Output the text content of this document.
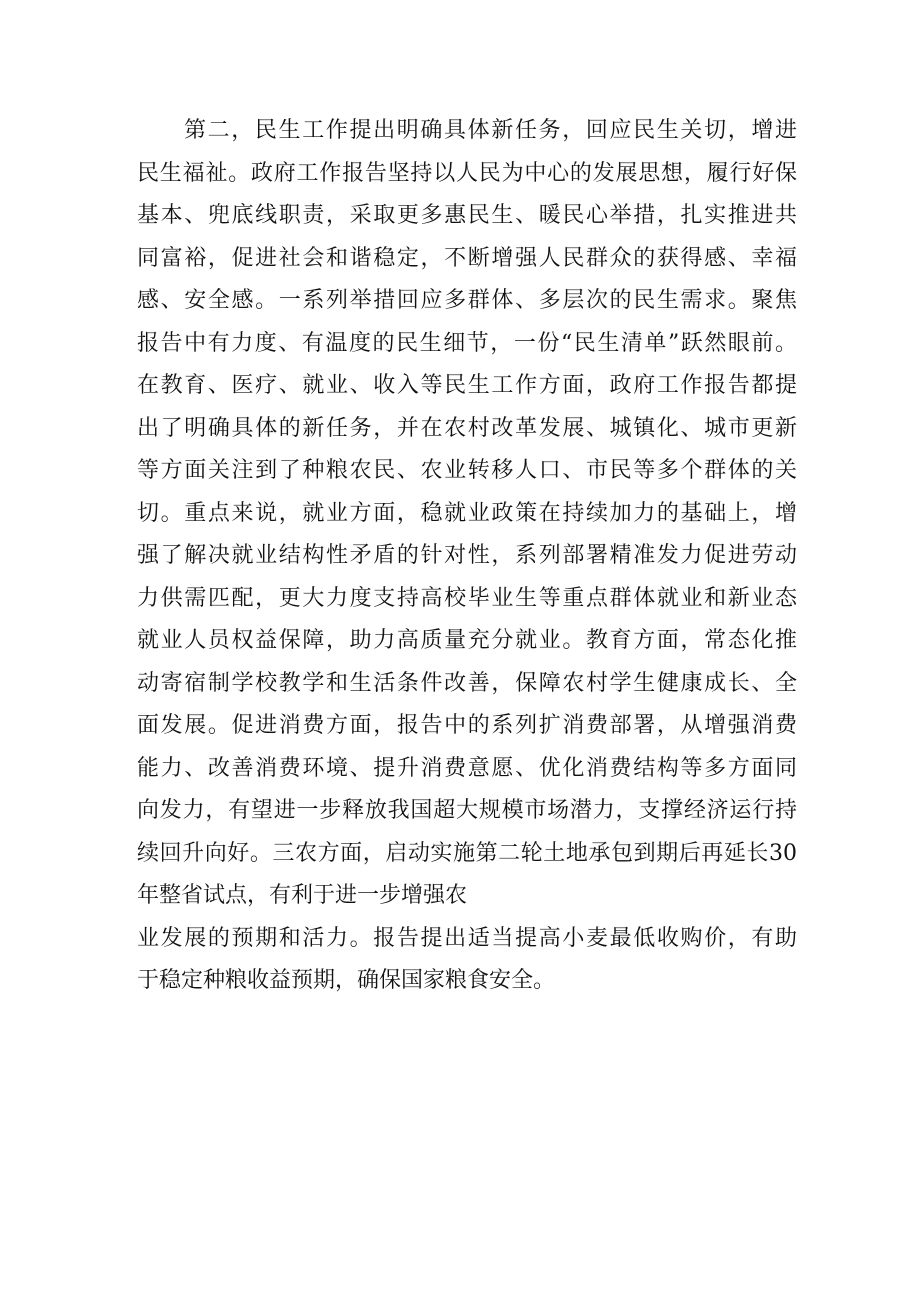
第二，民生工作提出明确具体新任务，回应民生关切，增进
民生福祉。政府工作报告坚持以人民为中心的发展思想，履行好保
基本、兜底线职责，采取更多惠民生、暖民心举措，扎实推进共
同富裕，促进社会和谐稳定，不断增强人民群众的获得感、幸福
感、安全感。一系列举措回应多群体、多层次的民生需求。聚焦
报告中有力度、有温度的民生细节，一份“民生清单”跃然眼前。
在教育、医疗、就业、收入等民生工作方面，政府工作报告都提
出了明确具体的新任务，并在农村改革发展、城镇化、城市更新
等方面关注到了种粮农民、农业转移人口、市民等多个群体的关
切。重点来说，就业方面，稳就业政策在持续加力的基础上，增
强了解决就业结构性矛盾的针对性，系列部署精准发力促进劳动
力供需匹配，更大力度支持高校毕业生等重点群体就业和新业态
就业人员权益保障，助力高质量充分就业。教育方面，常态化推
动寄宿制学校教学和生活条件改善，保障农村学生健康成长、全
面发展。促进消费方面，报告中的系列扩消费部署，从增强消费
能力、改善消费环境、提升消费意愿、优化消费结构等多方面同
向发力，有望进一步释放我国超大规模市场潜力，支撑经济运行持
续回升向好。三农方面，启动实施第二轮土地承包到期后再延长30
年整省试点，有利于进一步增强农
业发展的预期和活力。报告提出适当提高小麦最低收购价，有助
于稳定种粮收益预期，确保国家粮食安全。
